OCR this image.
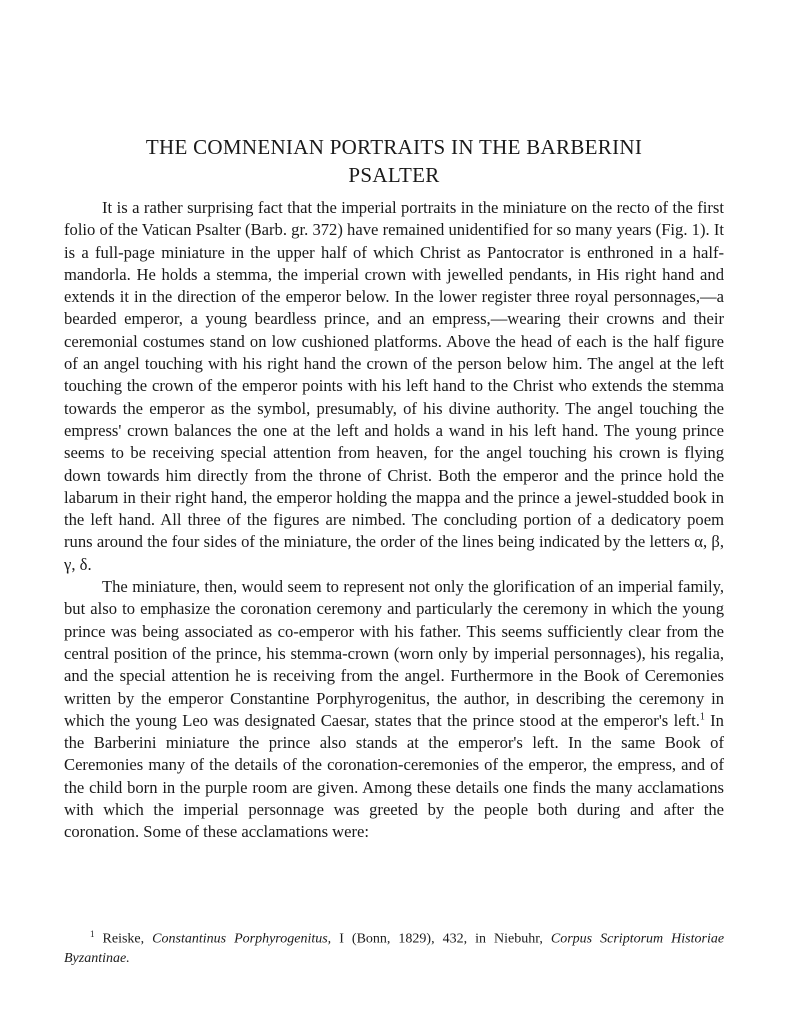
THE COMNENIAN PORTRAITS IN THE BARBERINI
PSALTER

It is a rather surprising fact that the imperial portraits in the miniature on the recto of the first folio of the Vatican Psalter (Barb. gr. 372) have remained unidentified for so many years (Fig. 1). It is a full-page miniature in the upper half of which Christ as Pantocrator is enthroned in a half-mandorla. He holds a stemma, the imperial crown with jewelled pendants, in His right hand and extends it in the direction of the emperor below. In the lower register three royal personnages,—a bearded emperor, a young beardless prince, and an empress,—wearing their crowns and their ceremonial costumes stand on low cushioned platforms. Above the head of each is the half figure of an angel touching with his right hand the crown of the person below him. The angel at the left touching the crown of the emperor points with his left hand to the Christ who extends the stemma towards the emperor as the symbol, presumably, of his divine authority. The angel touching the empress' crown balances the one at the left and holds a wand in his left hand. The young prince seems to be receiving special attention from heaven, for the angel touching his crown is flying down towards him directly from the throne of Christ. Both the emperor and the prince hold the labarum in their right hand, the emperor holding the mappa and the prince a jewel-studded book in the left hand. All three of the figures are nimbed. The concluding portion of a dedicatory poem runs around the four sides of the miniature, the order of the lines being indicated by the letters α, β, γ, δ.

The miniature, then, would seem to represent not only the glorification of an imperial family, but also to emphasize the coronation ceremony and particularly the ceremony in which the young prince was being associated as co-emperor with his father. This seems sufficiently clear from the central position of the prince, his stemma-crown (worn only by imperial personnages), his regalia, and the special attention he is receiving from the angel. Furthermore in the Book of Ceremonies written by the emperor Constantine Porphyrogenitus, the author, in describing the ceremony in which the young Leo was designated Caesar, states that the prince stood at the emperor's left.$^1$ In the Barberini miniature the prince also stands at the emperor's left. In the same Book of Ceremonies many of the details of the coronation-ceremonies of the emperor, the empress, and of the child born in the purple room are given. Among these details one finds the many acclamations with which the imperial personnage was greeted by the people both during and after the coronation. Some of these acclamations were:

$^1$ Reiske, Constantinus Porphyrogenitus, I (Bonn, 1829), 432, in Niebuhr, Corpus Scriptorum Historiae Byzantinae.
